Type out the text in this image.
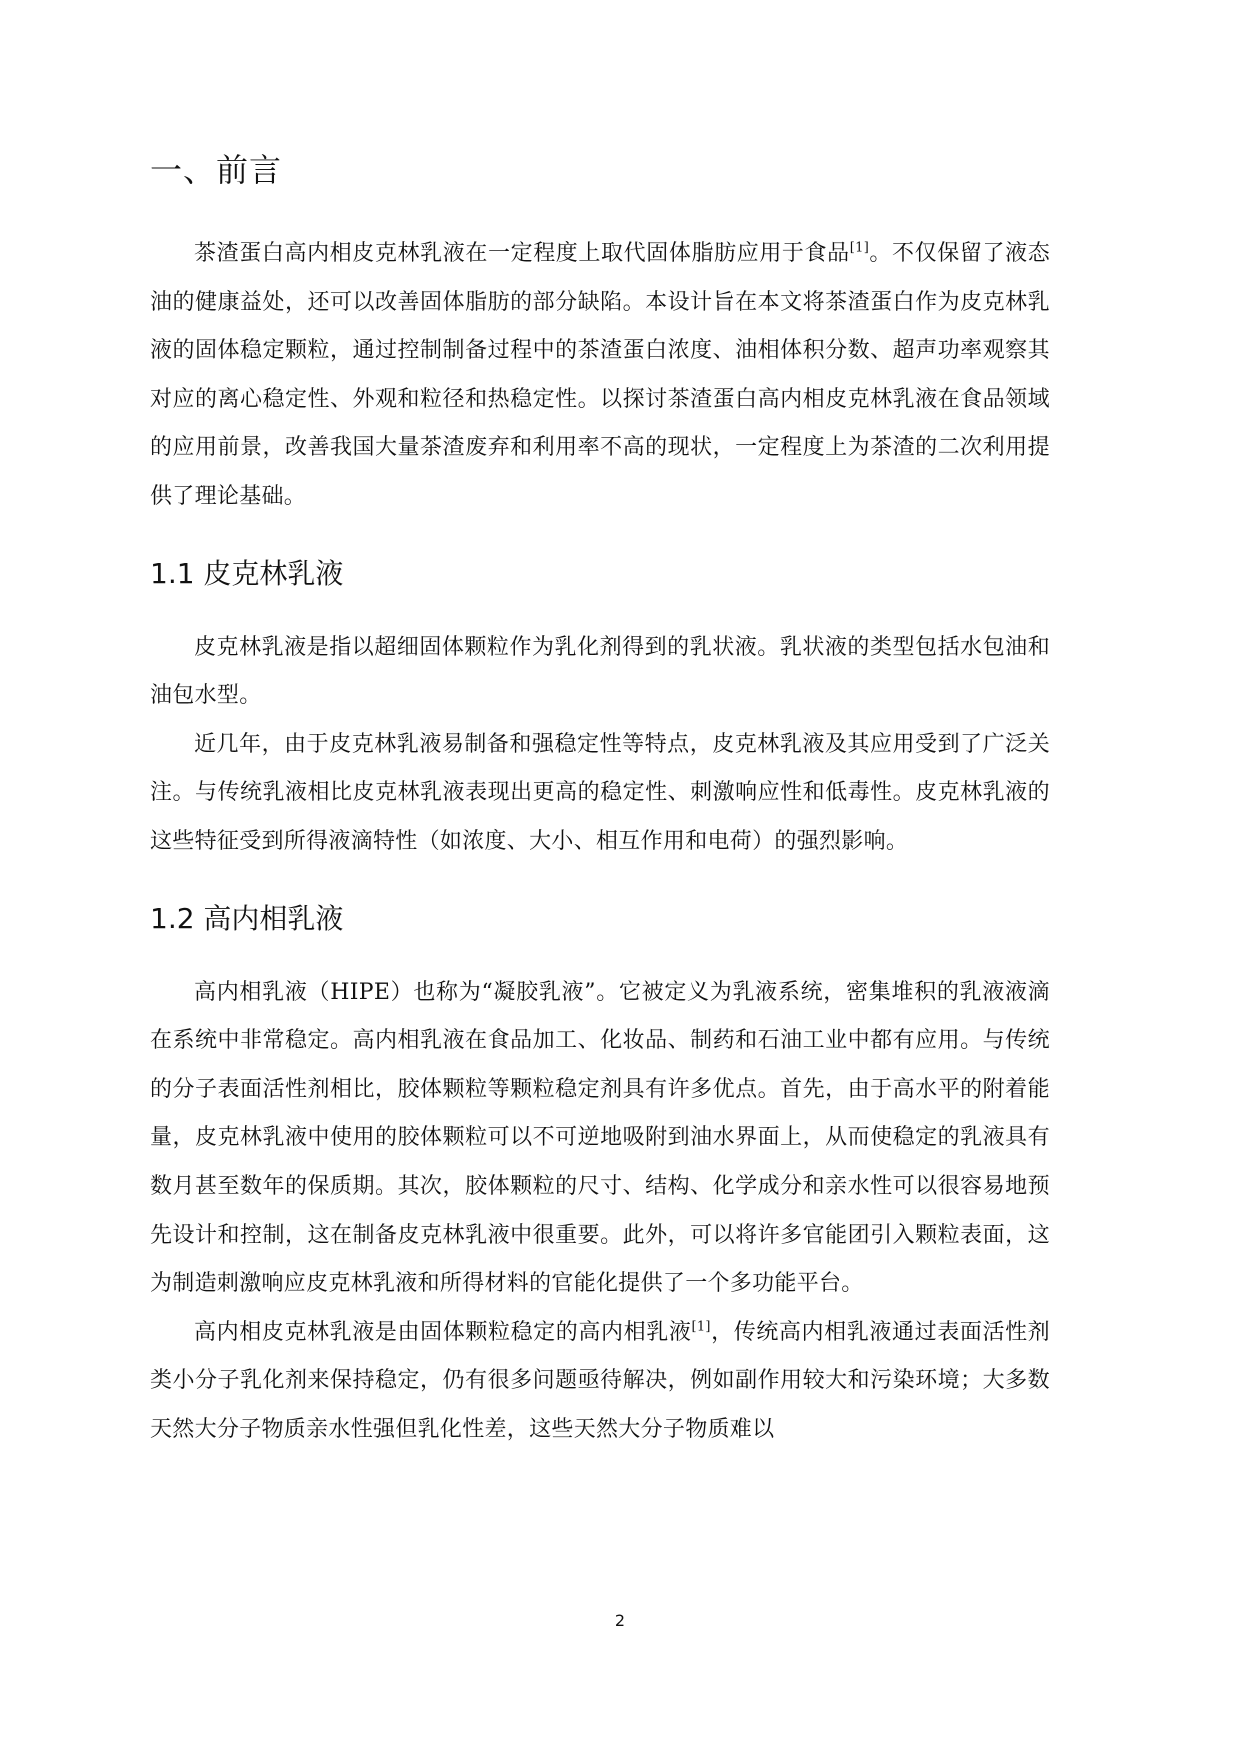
一、前言

茶渣蛋白高内相皮克林乳液在一定程度上取代固体脂肪应用于食品[1]。不仅保留了液态油的健康益处，还可以改善固体脂肪的部分缺陷。本设计旨在本文将茶渣蛋白作为皮克林乳液的固体稳定颗粒，通过控制制备过程中的茶渣蛋白浓度、油相体积分数、超声功率观察其对应的离心稳定性、外观和粒径和热稳定性。以探讨茶渣蛋白高内相皮克林乳液在食品领域的应用前景，改善我国大量茶渣废弃和利用率不高的现状，一定程度上为茶渣的二次利用提供了理论基础。

1.1 皮克林乳液

皮克林乳液是指以超细固体颗粒作为乳化剂得到的乳状液。乳状液的类型包括水包油和油包水型。

近几年，由于皮克林乳液易制备和强稳定性等特点，皮克林乳液及其应用受到了广泛关注。与传统乳液相比皮克林乳液表现出更高的稳定性、刺激响应性和低毒性。皮克林乳液的这些特征受到所得液滴特性（如浓度、大小、相互作用和电荷）的强烈影响。

1.2 高内相乳液

高内相乳液（HIPE）也称为“凝胶乳液”。它被定义为乳液系统，密集堆积的乳液液滴在系统中非常稳定。高内相乳液在食品加工、化妆品、制药和石油工业中都有应用。与传统的分子表面活性剂相比，胶体颗粒等颗粒稳定剂具有许多优点。首先，由于高水平的附着能量，皮克林乳液中使用的胶体颗粒可以不可逆地吸附到油水界面上，从而使稳定的乳液具有数月甚至数年的保质期。其次，胶体颗粒的尺寸、结构、化学成分和亲水性可以很容易地预先设计和控制，这在制备皮克林乳液中很重要。此外，可以将许多官能团引入颗粒表面，这为制造刺激响应皮克林乳液和所得材料的官能化提供了一个多功能平台。

高内相皮克林乳液是由固体颗粒稳定的高内相乳液[1]，传统高内相乳液通过表面活性剂类小分子乳化剂来保持稳定，仍有很多问题亟待解决，例如副作用较大和污染环境；大多数天然大分子物质亲水性强但乳化性差，这些天然大分子物质难以

2
